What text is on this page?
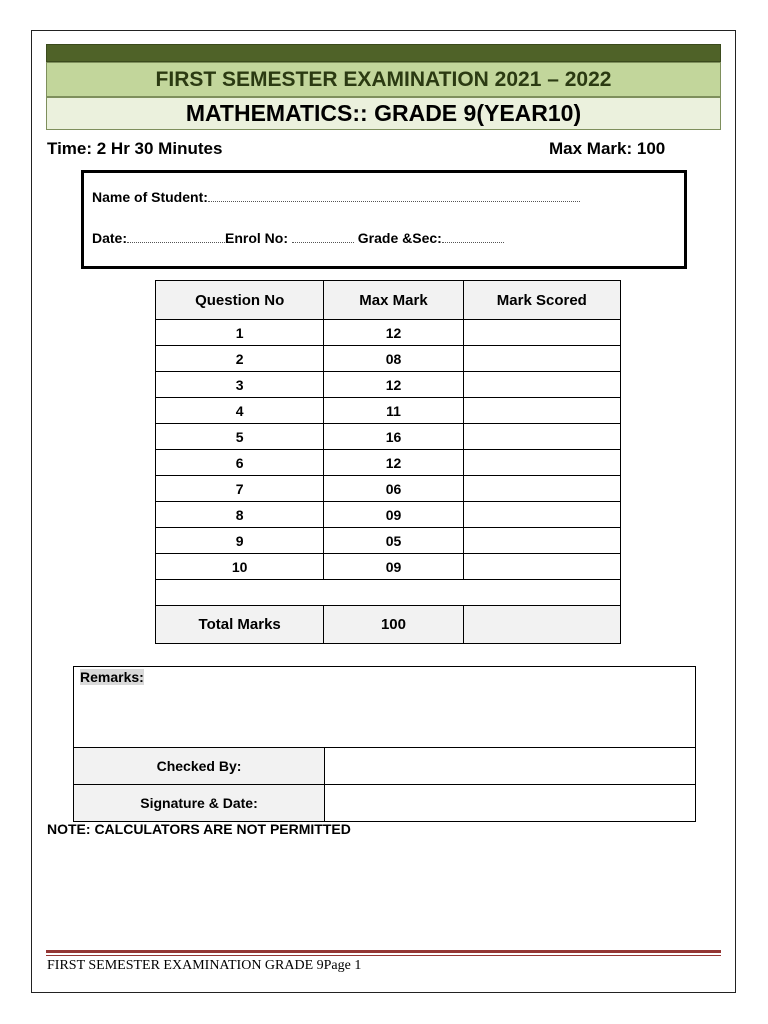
FIRST SEMESTER EXAMINATION 2021 – 2022
MATHEMATICS:: GRADE 9(YEAR10)
Time: 2 Hr 30 Minutes	Max Mark: 100
Name of Student:
Date:	Enrol No:	Grade &Sec:
Question No	Max Mark	Mark Scored
1	12	
2	08	
3	12	
4	11	
5	16	
6	12	
7	06	
8	09	
9	05	
10	09	

Total Marks	100	
Remarks:	
Checked By:	
Signature & Date:	
NOTE: CALCULATORS ARE NOT PERMITTED
FIRST SEMESTER EXAMINATION GRADE 9Page 1
